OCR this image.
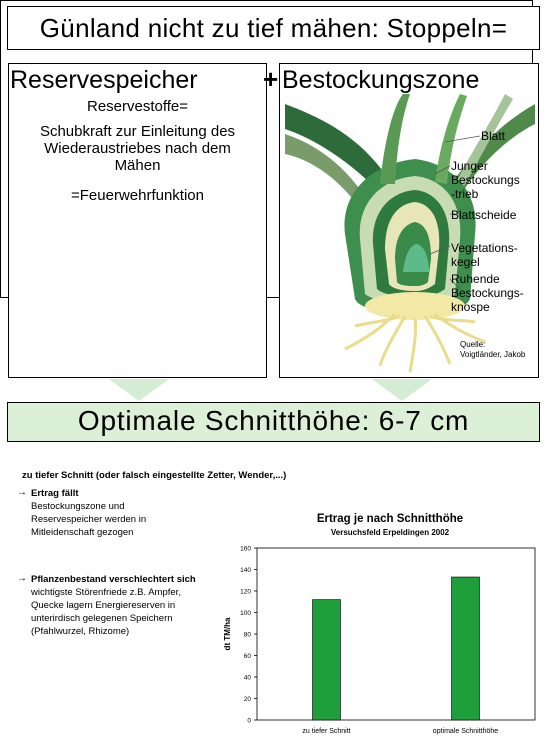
Günland nicht zu tief mähen: Stoppeln=
Reservespeicher
Reservestoffe=
Schubkraft zur Einleitung des
Wiederaustriebes nach dem
Mähen
=Feuerwehrfunktion
+ Bestockungszone
Blatt
Junger
Bestockungs
-trieb
Blattscheide
Vegetations-
kegel
Ruhende
Bestockungs-
knospe
Quelle:
Voigtländer, Jakob
Optimale Schnitthöhe: 6-7 cm
zu tiefer Schnitt (oder falsch eingestellte Zetter, Wender,...)
→ Ertrag fällt
Bestockungszone und
Reservespeicher werden in
Mitleidenschaft gezogen
→ Pflanzenbestand verschlechtert sich
wichtigste Störenfriede z.B. Ampfer,
Quecke lagern Energiereserven in
unterirdisch gelegenen Speichern
(Pfahlwurzel, Rhizome)
Ertrag je nach Schnitthöhe
Versuchsfeld Erpeldingen 2002
0
20
40
60
80
100
120
140
160
dt TM/ha
zu tiefer Schnitt	optimale Schnitthöhe
